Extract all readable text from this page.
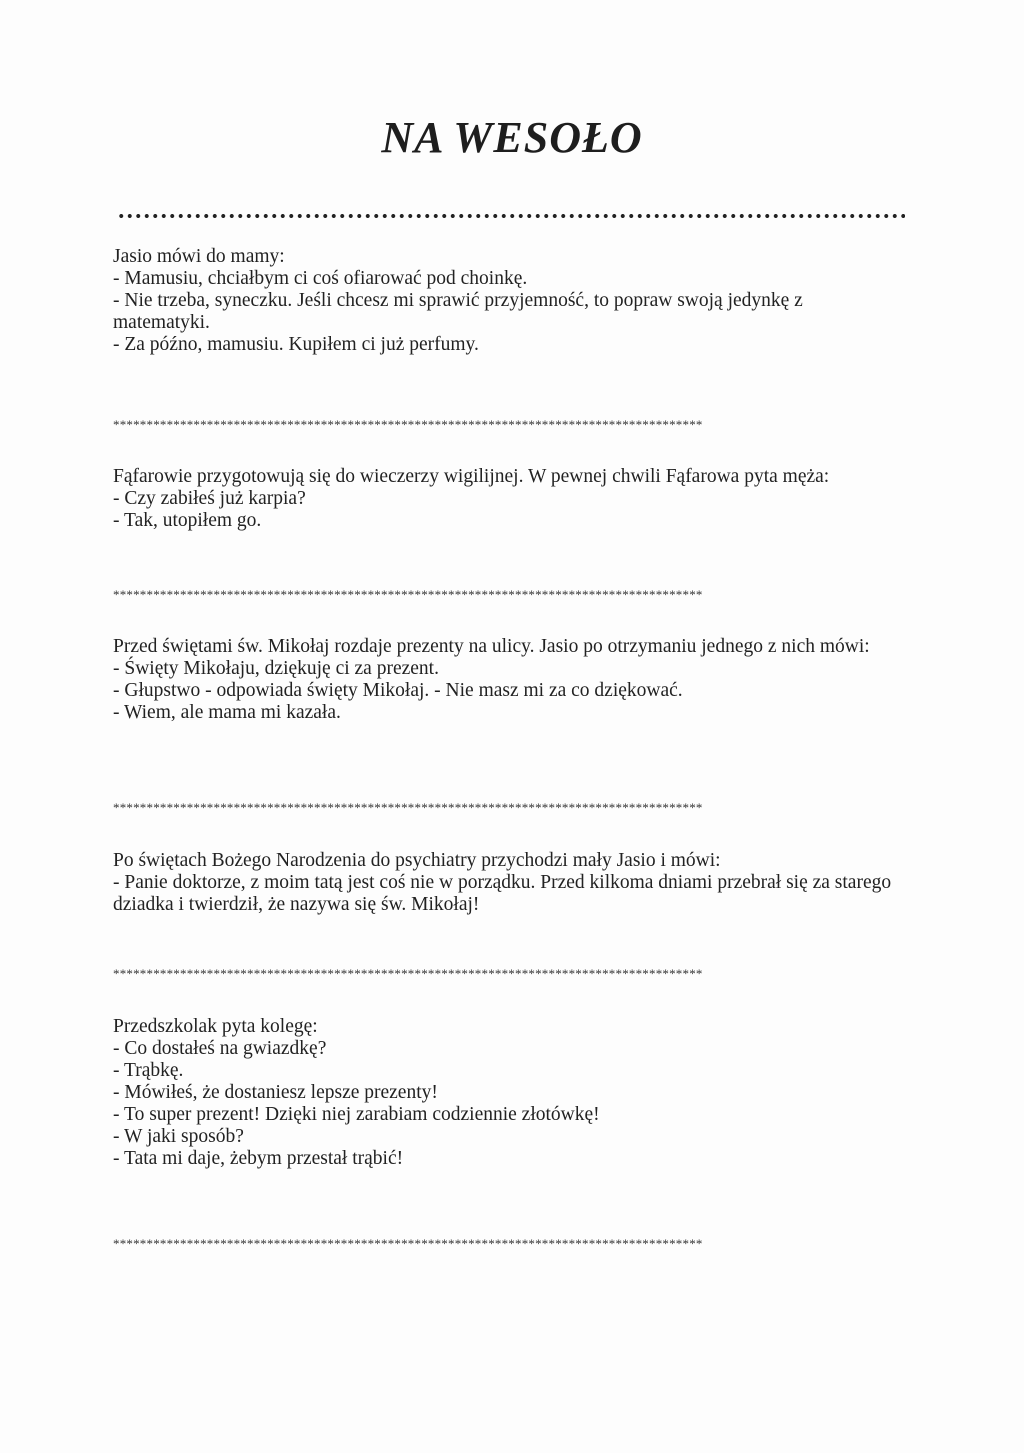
NA WESOŁO
Jasio mówi do mamy:
- Mamusiu, chciałbym ci coś ofiarować pod choinkę.
- Nie trzeba, syneczku. Jeśli chcesz mi sprawić przyjemność, to popraw swoją jedynkę z matematyki.
- Za późno, mamusiu. Kupiłem ci już perfumy.
****************************************************************************************
Fąfarowie przygotowują się do wieczerzy wigilijnej. W pewnej chwili Fąfarowa pyta męża:
- Czy zabiłeś już karpia?
- Tak, utopiłem go.
****************************************************************************************
Przed świętami św. Mikołaj rozdaje prezenty na ulicy. Jasio po otrzymaniu jednego z nich mówi:
- Święty Mikołaju, dziękuję ci za prezent.
- Głupstwo - odpowiada święty Mikołaj. - Nie masz mi za co dziękować.
- Wiem, ale mama mi kazała.
****************************************************************************************
Po świętach Bożego Narodzenia do psychiatry przychodzi mały Jasio i mówi:
- Panie doktorze, z moim tatą jest coś nie w porządku. Przed kilkoma dniami przebrał się za starego dziadka i twierdził, że nazywa się św. Mikołaj!
****************************************************************************************
Przedszkolak pyta kolegę:
- Co dostałeś na gwiazdkę?
- Trąbkę.
- Mówiłeś, że dostaniesz lepsze prezenty!
- To super prezent! Dzięki niej zarabiam codziennie złotówkę!
- W jaki sposób?
- Tata mi daje, żebym przestał trąbić!
****************************************************************************************
